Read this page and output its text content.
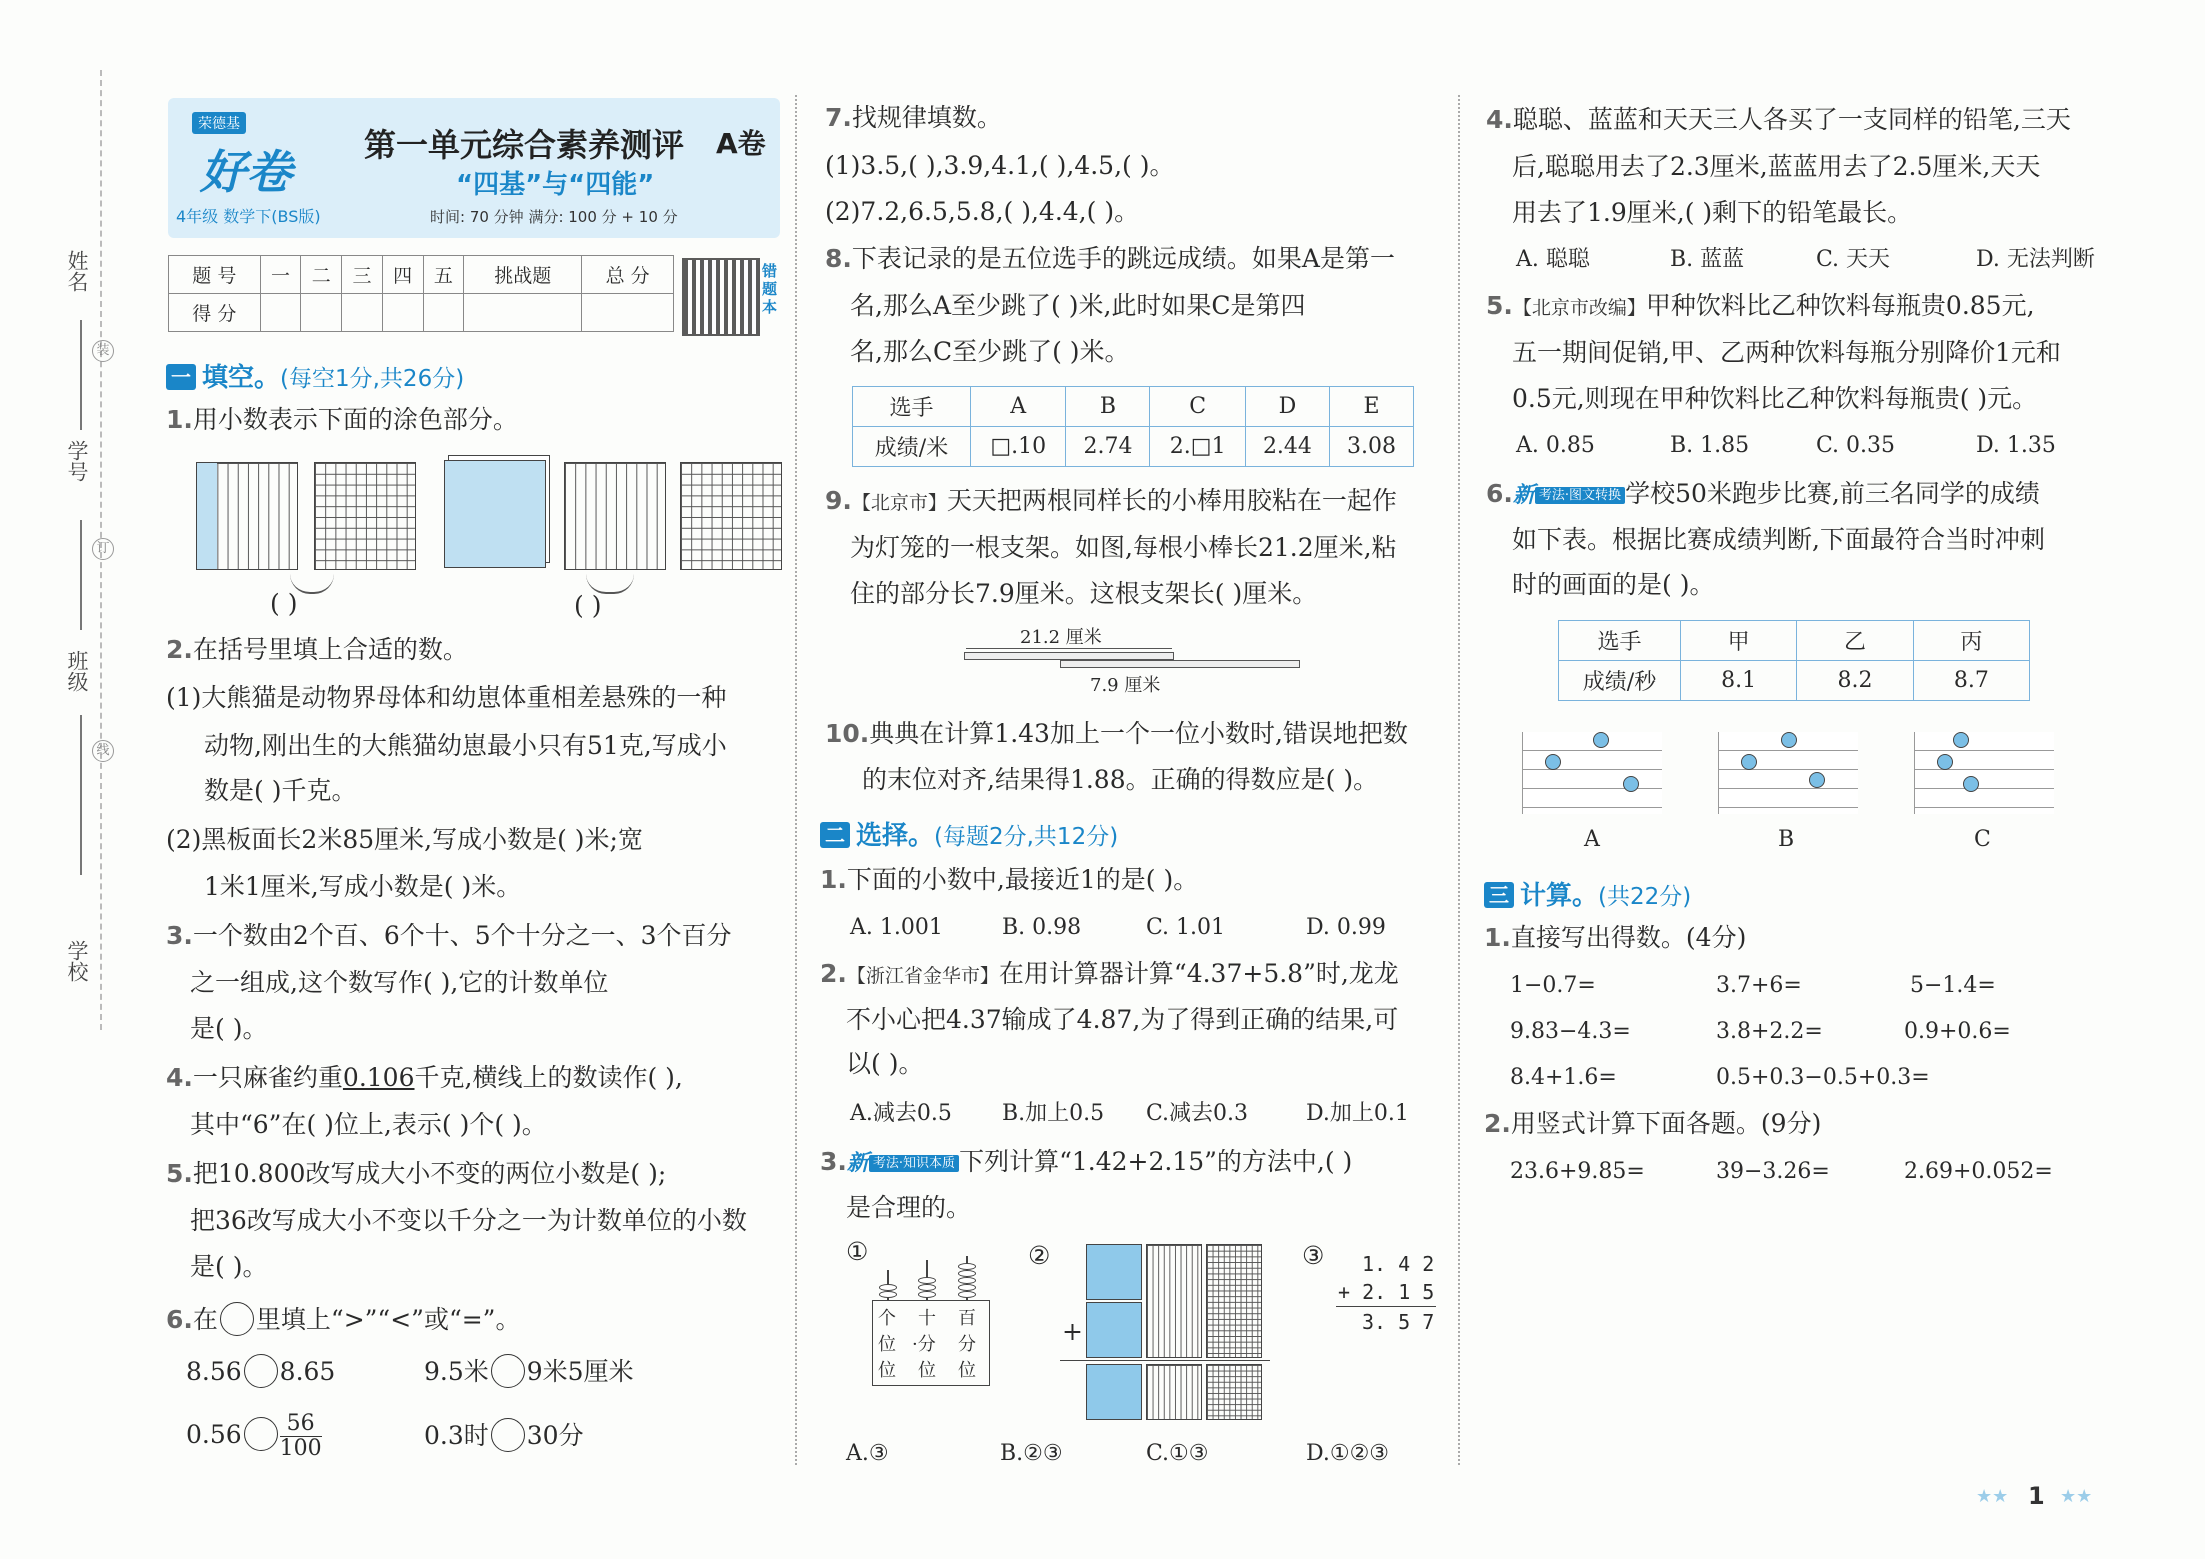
姓名
学号
班级
学校
装
订
线
荣德基
好卷
4年级 数学下(BS版)
第一单元综合素养测评 A卷
“四基”与“四能”
时间: 70 分钟 满分: 100 分 + 10 分
题 号	一	二	三	四	五	挑战题	总 分
得 分							
错题本
一 填空。(每空1分,共26分)
1.用小数表示下面的涂色部分。
( )	( )
2.在括号里填上合适的数。
(1)大熊猫是动物界母体和幼崽体重相差悬殊的一种
动物,刚出生的大熊猫幼崽最小只有51克,写成小
数是( )千克。
(2)黑板面长2米85厘米,写成小数是( )米;宽
1米1厘米,写成小数是( )米。
3.一个数由2个百、6个十、5个十分之一、3个百分
之一组成,这个数写作( ),它的计数单位
是( )。
4.一只麻雀约重0.106千克,横线上的数读作( ),
其中“6”在( )位上,表示( )个( )。
5.把10.800改写成大小不变的两位小数是( );
把36改写成大小不变以千分之一为计数单位的小数
是( )。
6.在 里填上“>”“<”或“=”。
8.56 8.65	9.5米 9米5厘米
$0.56 \frac{56}{100}$	0.3时 30分
7.找规律填数。
(1)3.5,( ),3.9,4.1,( ),4.5,( )。
(2)7.2,6.5,5.8,( ),4.4,( )。
8.下表记录的是五位选手的跳远成绩。如果A是第一
名,那么A至少跳了( )米,此时如果C是第四
名,那么C至少跳了( )米。
选手	A	B	C	D	E
成绩/米	□.10	2.74	2.□1	2.44	3.08
9.【北京市】天天把两根同样长的小棒用胶粘在一起作
为灯笼的一根支架。如图,每根小棒长21.2厘米,粘
住的部分长7.9厘米。这根支架长( )厘米。
21.2 厘米
7.9 厘米
10.典典在计算1.43加上一个一位小数时,错误地把数
的末位对齐,结果得1.88。正确的得数应是( )。
二 选择。(每题2分,共12分)
1.下面的小数中,最接近1的是( )。
A. 1.001	B. 0.98	C. 1.01	D. 0.99
2.【浙江省金华市】在用计算器计算“4.37+5.8”时,龙龙
不小心把4.37输成了4.87,为了得到正确的结果,可
以( )。
A.减去0.5 B.加上0.5 C.减去0.3	D.加上0.1
3.新 考法·知识本质 下列计算“1.42+2.15”的方法中,( )
是合理的。
①
个 十 百
位 ·分 分
位 位 位
②
+
③ 1. 4 2
+ 2. 1 5
3. 5 7
A.③	B.②③	C.①③	D.①②③
4.聪聪、蓝蓝和天天三人各买了一支同样的铅笔,三天
后,聪聪用去了2.3厘米,蓝蓝用去了2.5厘米,天天
用去了1.9厘米,( )剩下的铅笔最长。
A. 聪聪	B. 蓝蓝	C. 天天	D. 无法判断
5.【北京市改编】甲种饮料比乙种饮料每瓶贵0.85元,
五一期间促销,甲、乙两种饮料每瓶分别降价1元和
0.5元,则现在甲种饮料比乙种饮料每瓶贵( )元。
A. 0.85	B. 1.85	C. 0.35	D. 1.35
6.新 考法·图文转换 学校50米跑步比赛,前三名同学的成绩
如下表。根据比赛成绩判断,下面最符合当时冲刺
时的画面的是( )。
选手	甲	乙	丙
成绩/秒	8.1	8.2	8.7
A	B	C
三 计算。(共22分)
1.直接写出得数。(4分)
1−0.7=	3.7+6=	5−1.4=
9.83−4.3=	3.8+2.2=	0.9+0.6=
8.4+1.6=	0.5+0.3−0.5+0.3=
2.用竖式计算下面各题。(9分)
23.6+9.85=	39−3.26=	2.69+0.052=
★★ 1 ★★
